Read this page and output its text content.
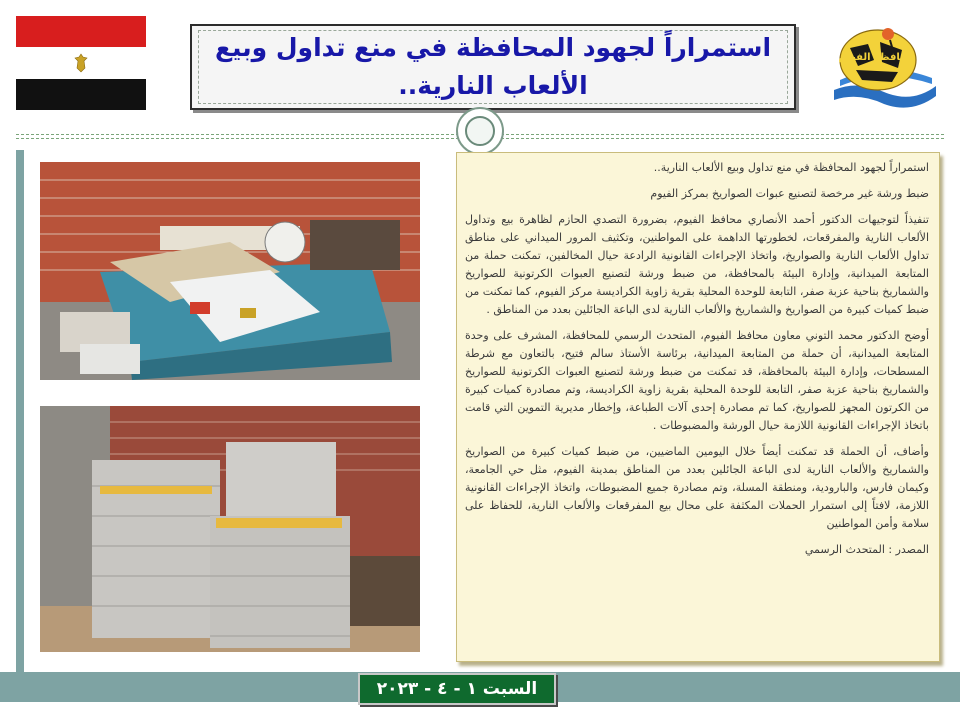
استمراراً لجهود المحافظة في منع تداول وبيع الألعاب النارية..
محافظة الفيوم

استمراراً لجهود المحافظة في منع تداول وبيع الألعاب النارية..

ضبط ورشة غير مرخصة لتصنيع عبوات الصواريخ بمركز الفيوم

تنفيذاً لتوجيهات الدكتور أحمد الأنصاري محافظ الفيوم، بضرورة التصدي الحازم لظاهرة بيع وتداول الألعاب النارية والمفرقعات، لخطورتها الداهمة على المواطنين، وتكثيف المرور الميداني على مناطق تداول الألعاب النارية والصواريخ، واتخاذ الإجراءات القانونية الرادعة حيال المخالفين، تمكنت حملة من المتابعة الميدانية، وإدارة البيئة بالمحافظة، من ضبط ورشة لتصنيع العبوات الكرتونية للصواريخ والشماريخ بناحية عزبة صفر، التابعة للوحدة المحلية بقرية زاوية الكراديسة مركز الفيوم، كما تمكنت من ضبط كميات كبيرة من الصواريخ والشماريخ والألعاب النارية لدى الباعة الجائلين بعدد من المناطق .

أوضح الدكتور محمد التوني معاون محافظ الفيوم، المتحدث الرسمي للمحافظة، المشرف على وحدة المتابعة الميدانية، أن حملة من المتابعة الميدانية، برئاسة الأستاذ سالم فتيح، بالتعاون مع شرطة المسطحات، وإدارة البيئة بالمحافظة، قد تمكنت من ضبط ورشة لتصنيع العبوات الكرتونية للصواريخ والشماريخ بناحية عزبة صفر، التابعة للوحدة المحلية بقرية زاوية الكراديسة، وتم مصادرة كميات كبيرة من الكرتون المجهز للصواريخ، كما تم مصادرة إحدى آلات الطباعة، وإخطار مديرية التموين التي قامت باتخاذ الإجراءات القانونية اللازمة حيال الورشة والمضبوطات .

وأضاف، أن الحملة قد تمكنت أيضاً خلال اليومين الماضيين، من ضبط كميات كبيرة من الصواريخ والشماريخ والألعاب النارية لدى الباعة الجائلين بعدد من المناطق بمدينة الفيوم، مثل حي الجامعة، وكيمان فارس، والبارودية، ومنطقة المسلة، وتم مصادرة جميع المضبوطات، واتخاذ الإجراءات القانونية اللازمة، لافتاً إلى استمرار الحملات المكثفة على محال بيع المفرقعات والألعاب النارية، للحفاظ على سلامة وأمن المواطنين

المصدر : المتحدث الرسمي

السبت ١ - ٤ - ٢٠٢٣
